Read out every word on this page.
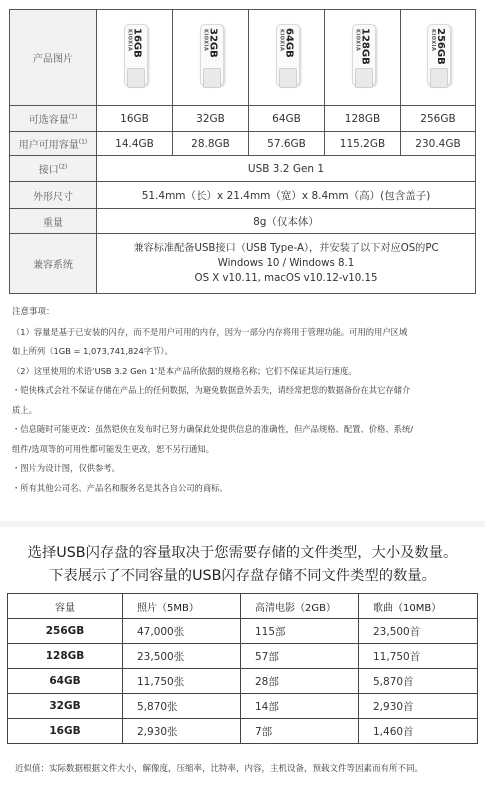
产品图片	KIOXIA 16GB	KIOXIA 32GB	KIOXIA 64GB	KIOXIA 128GB	KIOXIA 256GB

可选容量$^{(1)}$	16GB	32GB	64GB	128GB	256GB
用户可用容量$^{(1)}$	14.4GB	28.8GB	57.6GB	115.2GB	230.4GB
接口$^{(2)}$	USB 3.2 Gen 1				
外形尺寸	51.4mm（长）x 21.4mm（宽）x 8.4mm（高）(包含盖子)				
重量	8g（仅本体）				
兼容系统	兼容标准配备USB接口（USB Type-A），并安装了以下对应OS的PC
Windows 10 / Windows 8.1
OS X v10.11, macOS v10.12-v10.15				

注意事项：

（1）容量是基于已安装的闪存，而不是用户可用的内存，因为一部分内存将用于管理功能。可用的用户区域

如上所列（1GB = 1,073,741,824字节）。

（2）这里使用的术语‘USB 3.2 Gen 1’是本产品所依据的规格名称；它们不保证其运行速度。

・铠侠株式会社不保证存储在产品上的任何数据，为避免数据意外丢失，请经常把您的数据备份在其它存储介

质上。

・信息随时可能更改：虽然铠侠在发布时已努力确保此处提供信息的准确性，但产品规格、配置、价格、系统/

组件/选项等的可用性都可能发生更改，恕不另行通知。

・图片为设计图，仅供参考。

・所有其他公司名、产品名和服务名是其各自公司的商标。

选择USB闪存盘的容量取决于您需要存储的文件类型，大小及数量。
下表展示了不同容量的USB闪存盘存储不同文件类型的数量。
容量	照片（5MB）	高清电影（2GB）	歌曲（10MB）
256GB	47,000张	115部	23,500首
128GB	23,500张	57部	11,750首
64GB	11,750张	28部	5,870首
32GB	5,870张	14部	2,930首
16GB	2,930张	7部	1,460首
近似值：实际数据根据文件大小，解像度，压缩率，比特率，内容，主机设备，预载文件等因素而有所不同。
